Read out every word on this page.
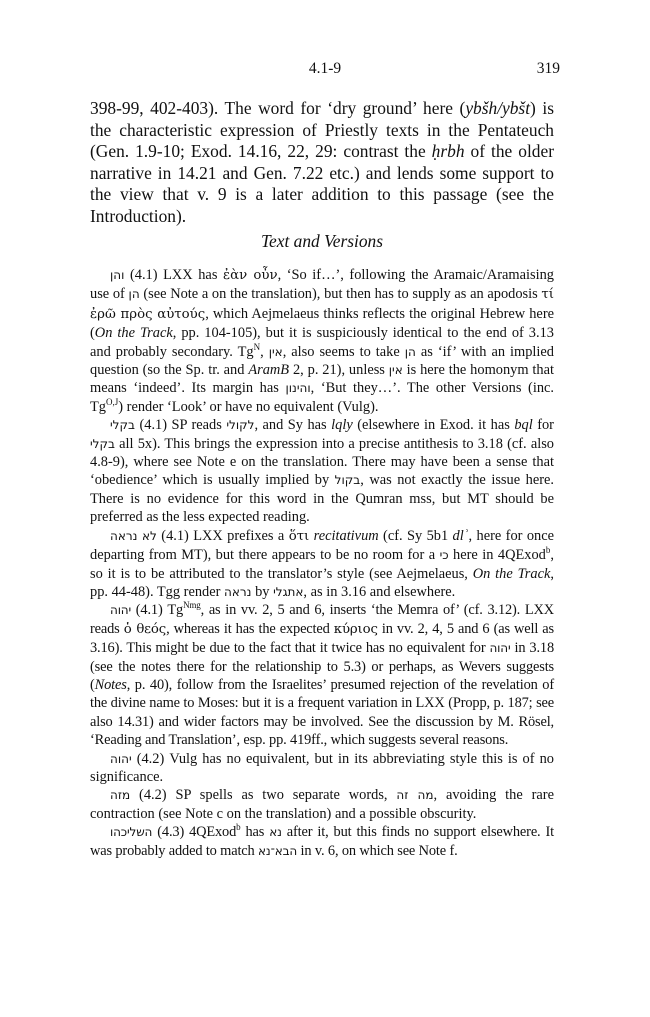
4.1-9	319

398-99, 402-403). The word for ‘dry ground’ here (ybšh/ybšt) is the characteristic expression of Priestly texts in the Pentateuch (Gen. 1.9-10; Exod. 14.16, 22, 29: contrast the ḥrbh of the older narrative in 14.21 and Gen. 7.22 etc.) and lends some support to the view that v. 9 is a later addition to this passage (see the Introduction).

Text and Versions

והן (4.1) LXX has ἐὰν οὖν, ‘So if…’, following the Aramaic/Aramaising use of הן (see Note a on the translation), but then has to supply as an apodosis τί ἐρῶ πρὸς αὐτούς, which Aejmelaeus thinks reflects the original Hebrew here (On the Track, pp. 104-105), but it is suspiciously identical to the end of 3.13 and probably secondary. $Tg^N$, אין, also seems to take הן as ‘if’ with an implied question (so the Sp. tr. and AramB 2, p. 21), unless אין is here the homonym that means ‘indeed’. Its margin has והינון, ‘But they…’. The other Versions (inc. $Tg^{O,J}$) render ‘Look’ or have no equivalent (Vulg).

בקלי (4.1) SP reads לקולי, and Sy has lqly (elsewhere in Exod. it has bql for בקלי all 5x). This brings the expression into a precise antithesis to 3.18 (cf. also 4.8-9), where see Note e on the translation. There may have been a sense that ‘obedience’ which is usually implied by בקול, was not exactly the issue here. There is no evidence for this word in the Qumran mss, but MT should be preferred as the less expected reading.

לא נראה (4.1) LXX prefixes a ὅτι recitativum (cf. Sy 5b1 dlʾ, here for once departing from MT), but there appears to be no room for a כי here in 4QExod$^b$, so it is to be attributed to the translator’s style (see Aejmelaeus, On the Track, pp. 44-48). Tgg render נראה by אתגלי, as in 3.16 and elsewhere.

יהוה (4.1) $Tg^{Nmg}$, as in vv. 2, 5 and 6, inserts ‘the Memra of’ (cf. 3.12). LXX reads ὁ θεός, whereas it has the expected κύριος in vv. 2, 4, 5 and 6 (as well as 3.16). This might be due to the fact that it twice has no equivalent for יהוה in 3.18 (see the notes there for the relationship to 5.3) or perhaps, as Wevers suggests (Notes, p. 40), follow from the Israelites’ presumed rejection of the revelation of the divine name to Moses: but it is a frequent variation in LXX (Propp, p. 187; see also 14.31) and wider factors may be involved. See the discussion by M. Rösel, ‘Reading and Translation’, esp. pp. 419ff., which suggests several reasons.

יהוה (4.2) Vulg has no equivalent, but in its abbreviating style this is of no significance.

מזה (4.2) SP spells as two separate words, מה זה, avoiding the rare contraction (see Note c on the translation) and a possible obscurity.

השליכהו (4.3) 4QExod$^b$ has נא after it, but this finds no support elsewhere. It was probably added to match הבא־נא in v. 6, on which see Note f.
